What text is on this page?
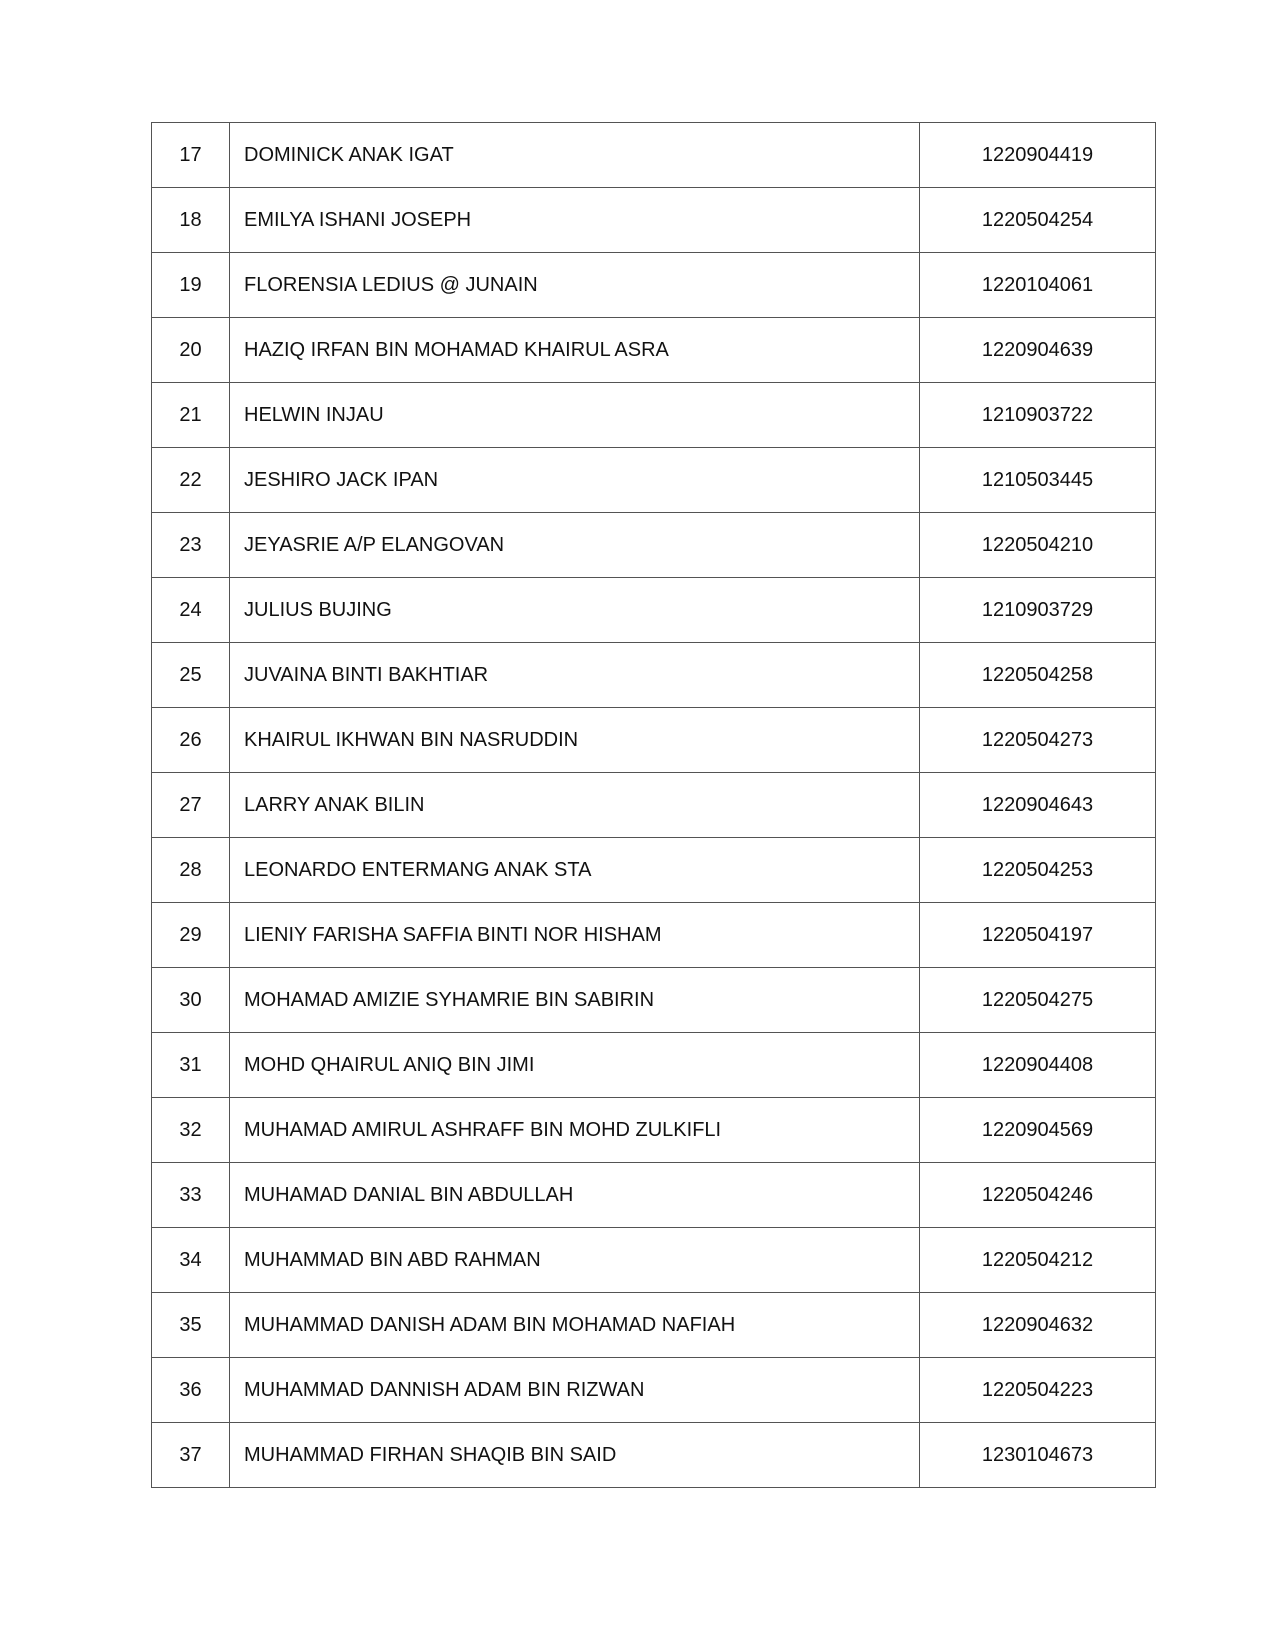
17	DOMINICK ANAK IGAT	1220904419
18	EMILYA ISHANI JOSEPH	1220504254
19	FLORENSIA LEDIUS @ JUNAIN	1220104061
20	HAZIQ IRFAN BIN MOHAMAD KHAIRUL ASRA	1220904639
21	HELWIN INJAU	1210903722
22	JESHIRO JACK IPAN	1210503445
23	JEYASRIE A/P ELANGOVAN	1220504210
24	JULIUS BUJING	1210903729
25	JUVAINA BINTI BAKHTIAR	1220504258
26	KHAIRUL IKHWAN BIN NASRUDDIN	1220504273
27	LARRY ANAK BILIN	1220904643
28	LEONARDO ENTERMANG ANAK STA	1220504253
29	LIENIY FARISHA SAFFIA BINTI NOR HISHAM	1220504197
30	MOHAMAD AMIZIE SYHAMRIE BIN SABIRIN	1220504275
31	MOHD QHAIRUL ANIQ BIN JIMI	1220904408
32	MUHAMAD AMIRUL ASHRAFF BIN MOHD ZULKIFLI	1220904569
33	MUHAMAD DANIAL BIN ABDULLAH	1220504246
34	MUHAMMAD BIN ABD RAHMAN	1220504212
35	MUHAMMAD DANISH ADAM BIN MOHAMAD NAFIAH	1220904632
36	MUHAMMAD DANNISH ADAM BIN RIZWAN	1220504223
37	MUHAMMAD FIRHAN SHAQIB BIN SAID	1230104673
